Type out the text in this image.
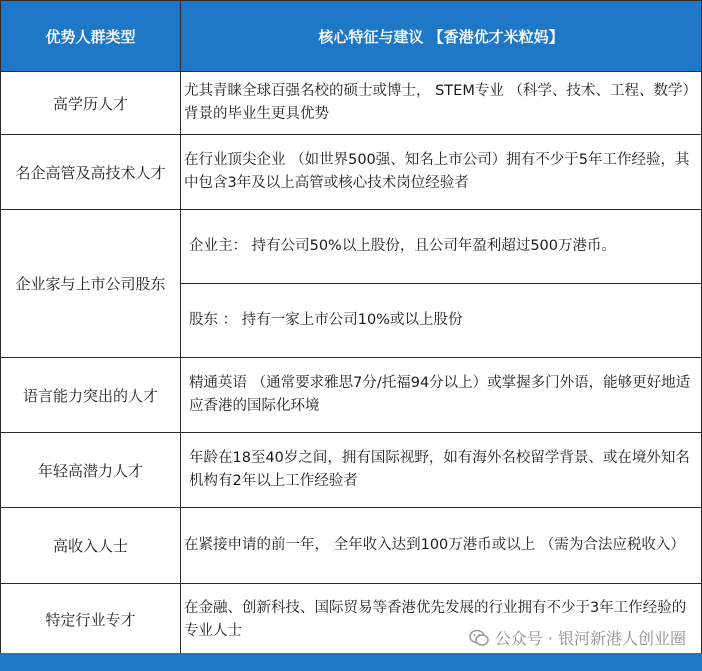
优势人群类型	核心特征与建议 【香港优才米粒妈】
高学历人才	尤其青睐全球百强名校的硕士或博士， STEM专业 （科学、技术、工程、数学）背景的毕业生更具优势
名企高管及高技术人才	在行业顶尖企业 （如世界500强、知名上市公司）拥有不少于5年工作经验，其中包含3年及以上高管或核心技术岗位经验者
企业家与上市公司股东	企业主： 持有公司50%以上股份，且公司年盈利超过500万港币。
	股东 ： 持有一家上市公司10%或以上股份
语言能力突出的人才	精通英语 （通常要求雅思7分/托福94分以上）或掌握多门外语，能够更好地适应香港的国际化环境
年轻高潜力人才	年龄在18至40岁之间，拥有国际视野，如有海外名校留学背景、或在境外知名机构有2年以上工作经验者
高收入人士	在紧接申请的前一年， 全年收入达到100万港币或以上 （需为合法应税收入）
特定行业专才	在金融、创新科技、国际贸易等香港优先发展的行业拥有不少于3年工作经验的专业人士	公众号 · 银河新港人创业圈
